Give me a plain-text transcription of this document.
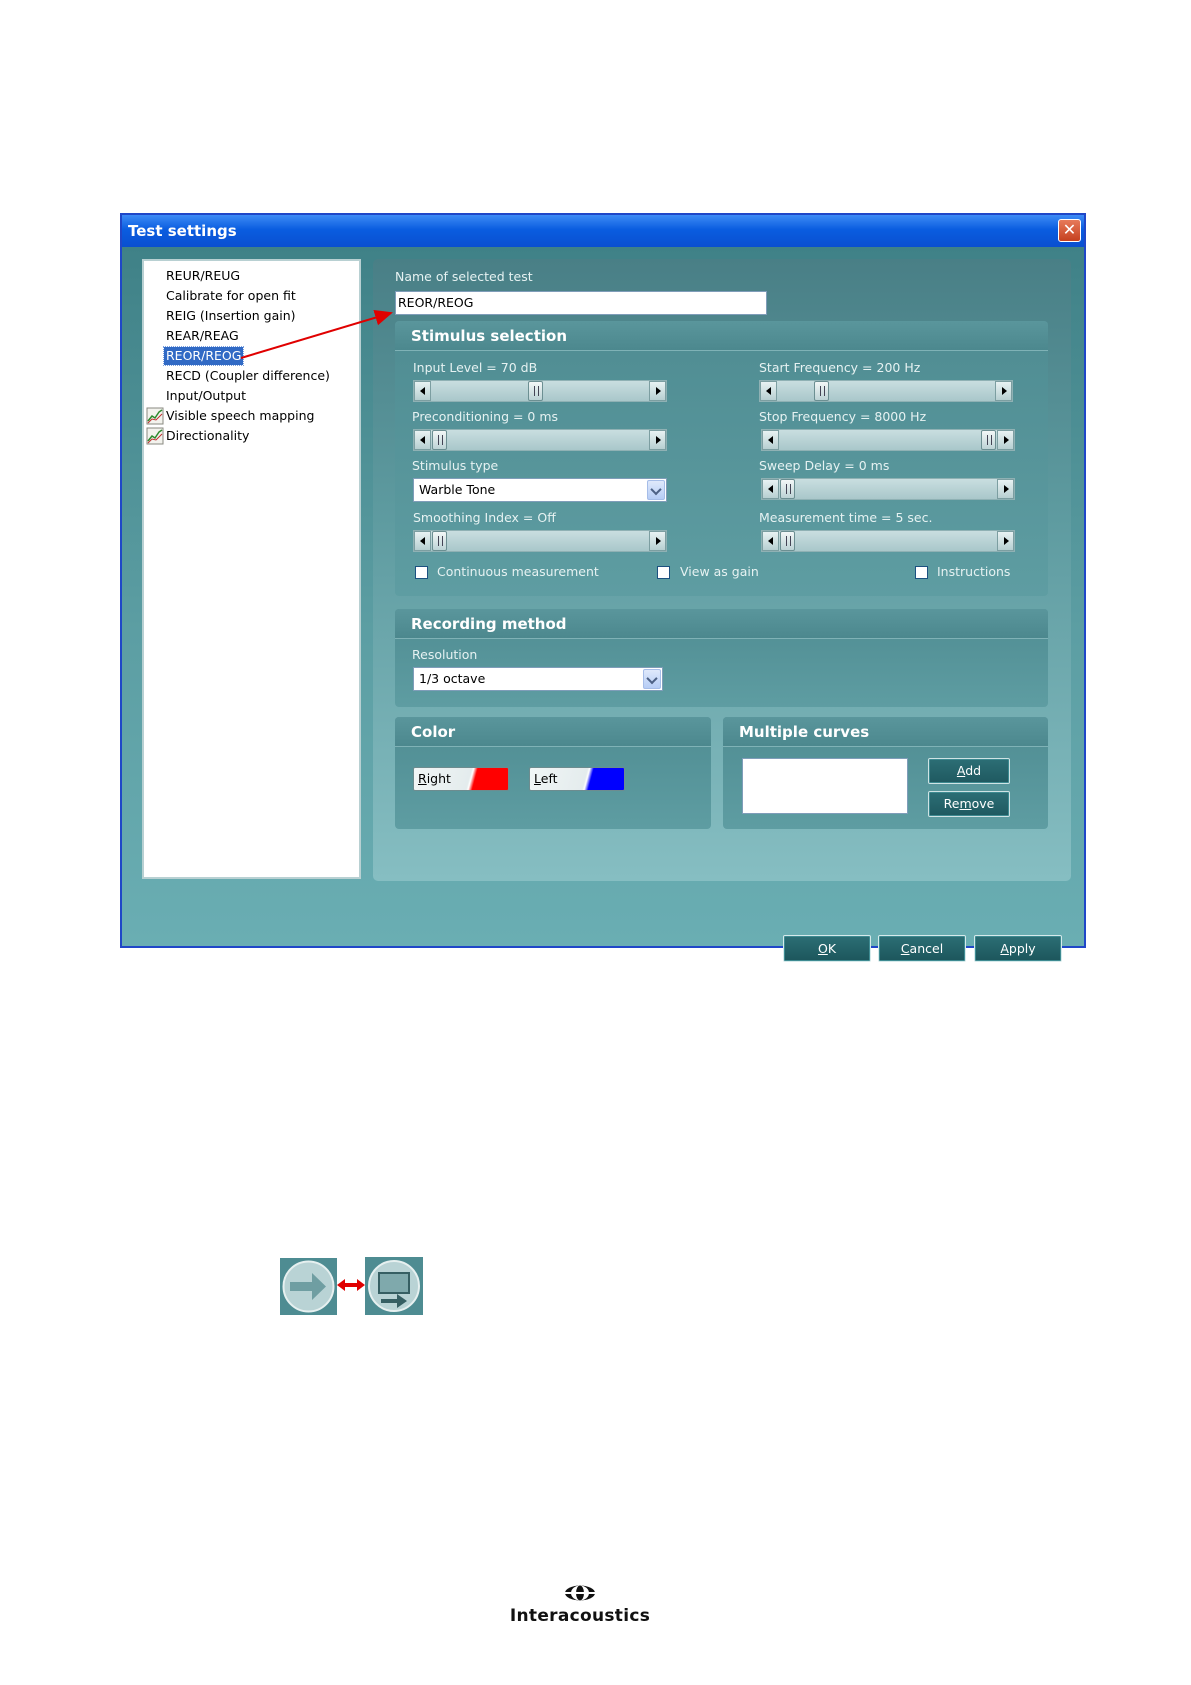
Test settings	✕
REUR/REUG
Calibrate for open fit
REIG (Insertion gain)
REAR/REAG
REOR/REOG
RECD (Coupler difference)
Input/Output
Visible speech mapping
Directionality
Name of selected test
REOR/REOG
Stimulus selection
Input Level = 70 dB
Preconditioning = 0 ms
Stimulus type
Warble Tone
Smoothing Index = Off
Start Frequency = 200 Hz
Stop Frequency = 8000 Hz
Sweep Delay = 0 ms
Measurement time = 5 sec.
Continuous measurement	View as gain	Instructions
Recording method
Resolution
1/3 octave
Color
Right	Left
Multiple curves
Add
Remove
OK	Cancel	Apply
Interacoustics
